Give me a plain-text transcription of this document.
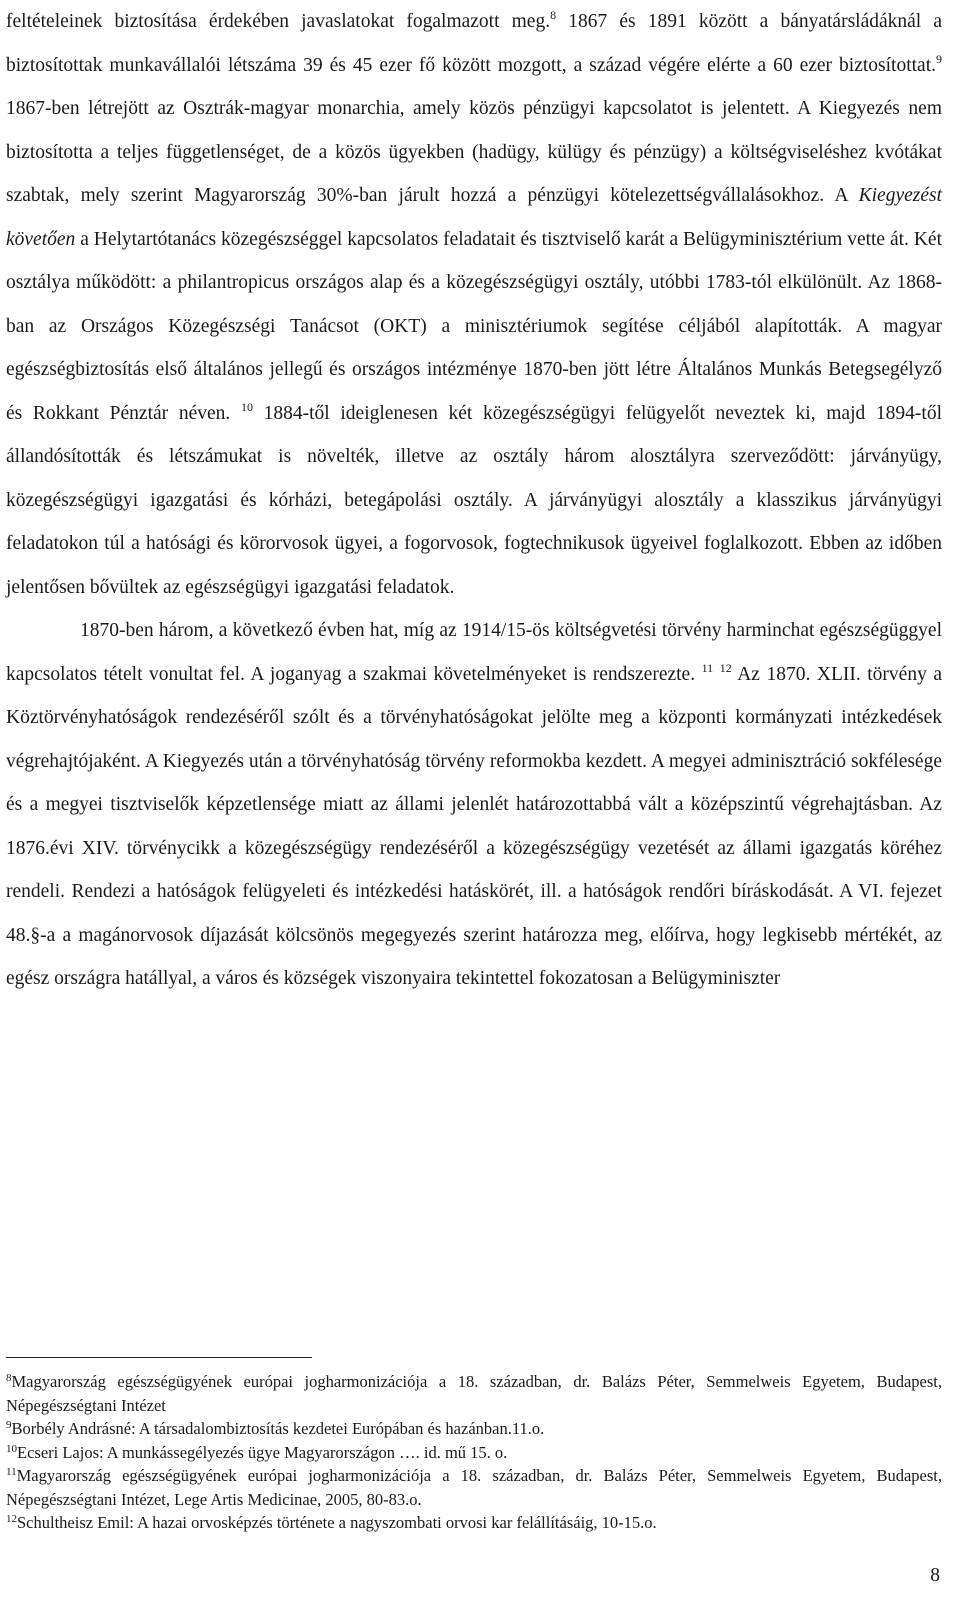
feltételeinek biztosítása érdekében javaslatokat fogalmazott meg.$^8$ 1867 és 1891 között a bányatársládáknál a biztosítottak munkavállalói létszáma 39 és 45 ezer fő között mozgott, a század végére elérte a 60 ezer biztosítottat.$^9$ 1867-ben létrejött az Osztrák-magyar monarchia, amely közös pénzügyi kapcsolatot is jelentett. A Kiegyezés nem biztosította a teljes függetlenséget, de a közös ügyekben (hadügy, külügy és pénzügy) a költségviseléshez kvótákat szabtak, mely szerint Magyarország 30%-ban járult hozzá a pénzügyi kötelezettségvállalásokhoz. A Kiegyezést követően a Helytartótanács közegészséggel kapcsolatos feladatait és tisztviselő karát a Belügyminisztérium vette át. Két osztálya működött: a philantropicus országos alap és a közegészségügyi osztály, utóbbi 1783-tól elkülönült. Az 1868-ban az Országos Közegészségi Tanácsot (OKT) a minisztériumok segítése céljából alapították. A magyar egészségbiztosítás első általános jellegű és országos intézménye 1870-ben jött létre Általános Munkás Betegsegélyző és Rokkant Pénztár néven. $^{10}$ 1884-től ideiglenesen két közegészségügyi felügyelőt neveztek ki, majd 1894-től állandósították és létszámukat is növelték, illetve az osztály három alosztályra szerveződött: járványügy, közegészségügyi igazgatási és kórházi, betegápolási osztály. A járványügyi alosztály a klasszikus járványügyi feladatokon túl a hatósági és körorvosok ügyei, a fogorvosok, fogtechnikusok ügyeivel foglalkozott. Ebben az időben jelentősen bővültek az egészségügyi igazgatási feladatok.

1870-ben három, a következő évben hat, míg az 1914/15-ös költségvetési törvény harminchat egészségüggyel kapcsolatos tételt vonultat fel. A joganyag a szakmai követelményeket is rendszerezte. $^{11}$ $^{12}$ Az 1870. XLII. törvény a Köztörvényhatóságok rendezéséről szólt és a törvényhatóságokat jelölte meg a központi kormányzati intézkedések végrehajtójaként. A Kiegyezés után a törvényhatóság törvény reformokba kezdett. A megyei adminisztráció sokfélesége és a megyei tisztviselők képzetlensége miatt az állami jelenlét határozottabbá vált a középszintű végrehajtásban. Az 1876.évi XIV. törvénycikk a közegészségügy rendezéséről a közegészségügy vezetését az állami igazgatás köréhez rendeli. Rendezi a hatóságok felügyeleti és intézkedési hatáskörét, ill. a hatóságok rendőri bíráskodását. A VI. fejezet 48.§-a a magánorvosok díjazását kölcsönös megegyezés szerint határozza meg, előírva, hogy legkisebb mértékét, az egész országra hatállyal, a város és községek viszonyaira tekintettel fokozatosan a Belügyminiszter

$^8$Magyarország egészségügyének európai jogharmonizációja a 18. században, dr. Balázs Péter, Semmelweis Egyetem, Budapest, Népegészségtani Intézet

$^9$Borbély Andrásné: A társadalombiztosítás kezdetei Európában és hazánban.11.o.

$^{10}$Ecseri Lajos: A munkássegélyezés ügye Magyarországon …. id. mű 15. o.

$^{11}$Magyarország egészségügyének európai jogharmonizációja a 18. században, dr. Balázs Péter, Semmelweis Egyetem, Budapest, Népegészségtani Intézet, Lege Artis Medicinae, 2005, 80-83.o.

$^{12}$Schultheisz Emil: A hazai orvosképzés története a nagyszombati orvosi kar felállításáig, 10-15.o.

8
